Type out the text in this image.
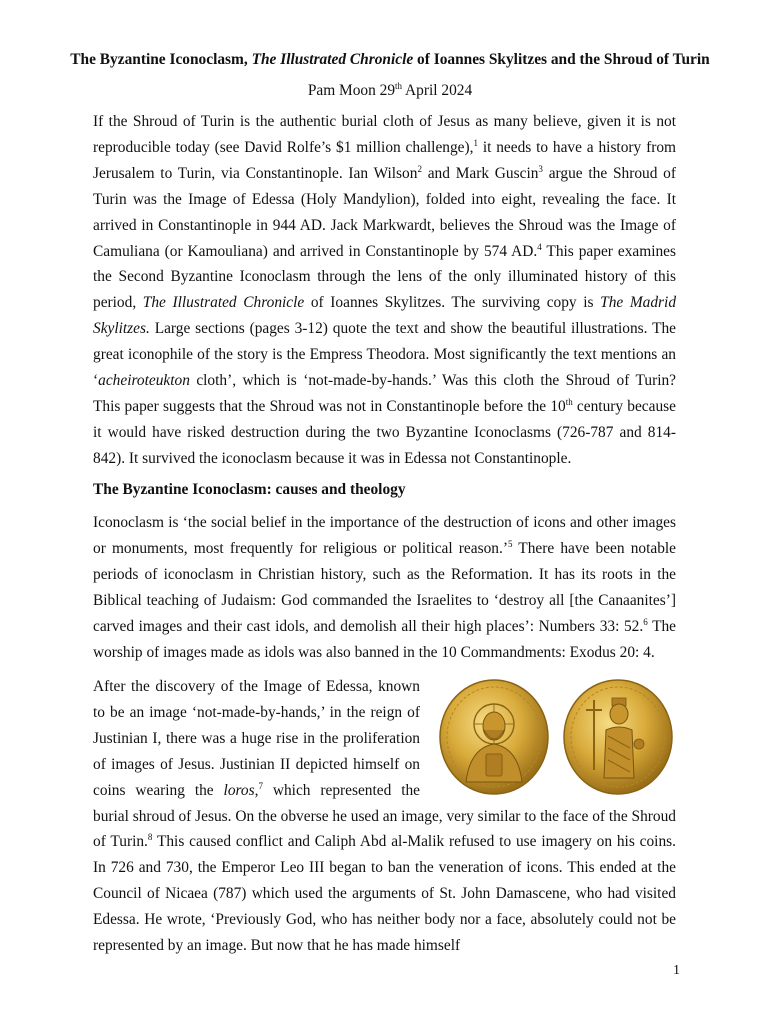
The Byzantine Iconoclasm, The Illustrated Chronicle of Ioannes Skylitzes and the Shroud of Turin
Pam Moon 29th April 2024
If the Shroud of Turin is the authentic burial cloth of Jesus as many believe, given it is not reproducible today (see David Rolfe’s $1 million challenge),$^1$ it needs to have a history from Jerusalem to Turin, via Constantinople. Ian Wilson$^2$ and Mark Guscin$^3$ argue the Shroud of Turin was the Image of Edessa (Holy Mandylion), folded into eight, revealing the face. It arrived in Constantinople in 944 AD. Jack Markwardt, believes the Shroud was the Image of Camuliana (or Kamouliana) and arrived in Constantinople by 574 AD.$^4$ This paper examines the Second Byzantine Iconoclasm through the lens of the only illuminated history of this period, The Illustrated Chronicle of Ioannes Skylitzes. The surviving copy is The Madrid Skylitzes. Large sections (pages 3-12) quote the text and show the beautiful illustrations. The great iconophile of the story is the Empress Theodora. Most significantly the text mentions an ‘acheiroteukton cloth’, which is ‘not-made-by-hands.’ Was this cloth the Shroud of Turin? This paper suggests that the Shroud was not in Constantinople before the 10th century because it would have risked destruction during the two Byzantine Iconoclasms (726-787 and 814-842). It survived the iconoclasm because it was in Edessa not Constantinople.
The Byzantine Iconoclasm: causes and theology
Iconoclasm is ‘the social belief in the importance of the destruction of icons and other images or monuments, most frequently for religious or political reason.’$^5$ There have been notable periods of iconoclasm in Christian history, such as the Reformation. It has its roots in the Biblical teaching of Judaism: God commanded the Israelites to ‘destroy all [the Canaanites’] carved images and their cast idols, and demolish all their high places’: Numbers 33: 52.$^6$ The worship of images made as idols was also banned in the 10 Commandments: Exodus 20: 4.
After the discovery of the Image of Edessa, known to be an image ‘not-made-by-hands,’ in the reign of Justinian I, there was a huge rise in the proliferation of images of Jesus. Justinian II depicted himself on coins wearing the loros,$^7$ which represented the burial shroud of Jesus. On the obverse he used an image, very similar to the face of the Shroud of Turin.$^8$ This caused conflict and Caliph Abd al-Malik refused to use imagery on his coins. In 726 and 730, the Emperor Leo III began to ban the veneration of icons. This ended at the Council of Nicaea (787) which used the arguments of St. John Damascene, who had visited Edessa. He wrote, ‘Previously God, who has neither body nor a face, absolutely could not be represented by an image. But now that he has made himself
1
